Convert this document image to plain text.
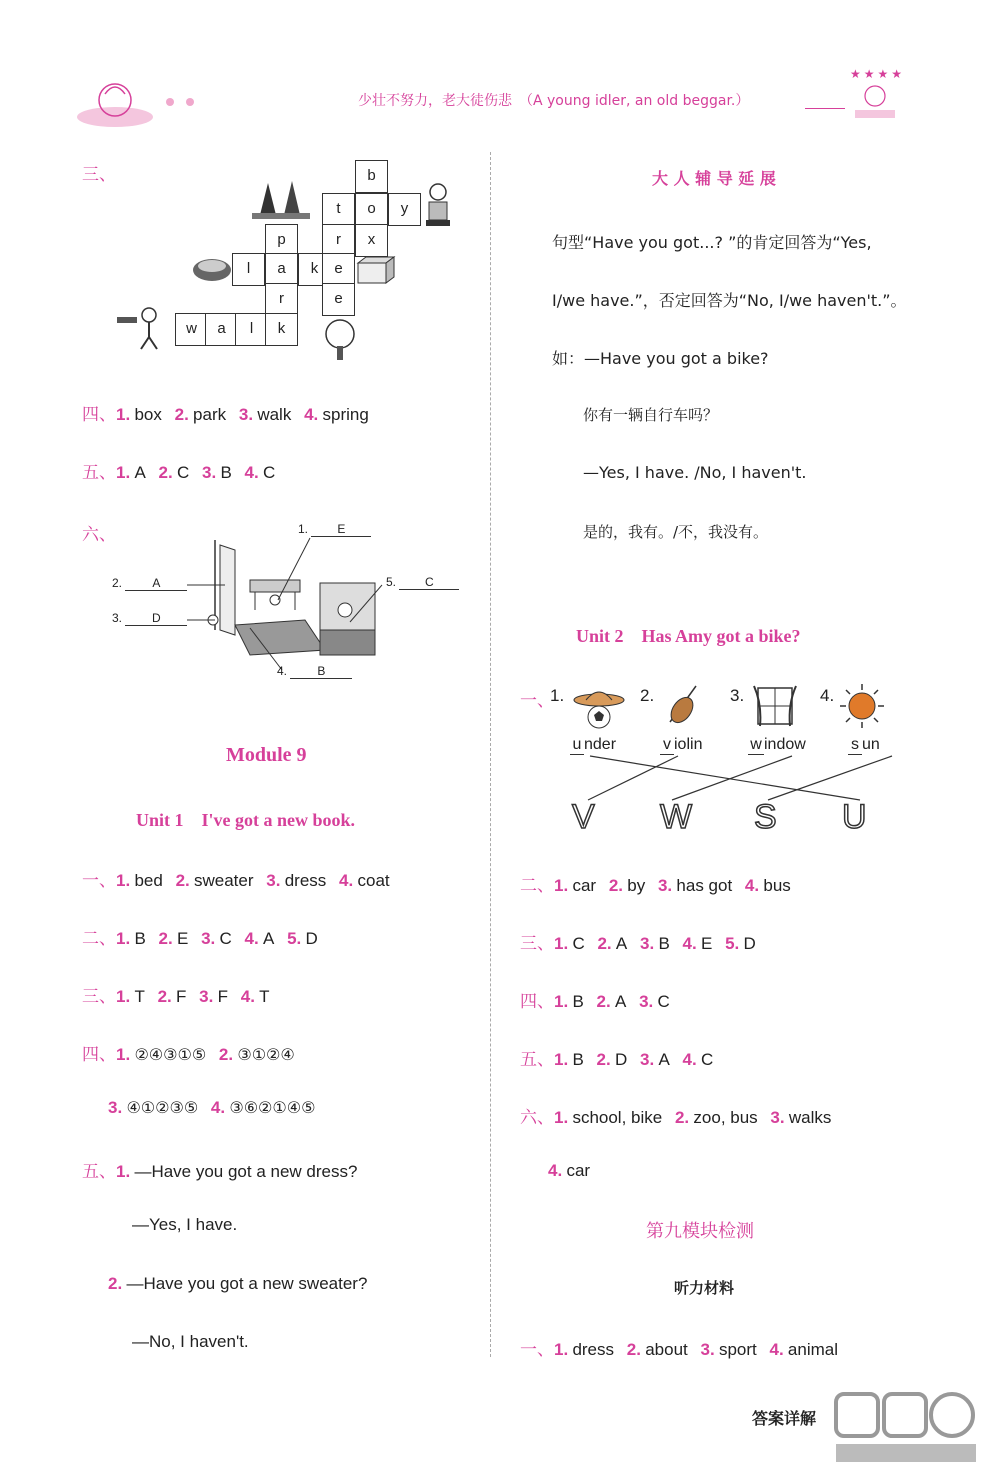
少壮不努力，老大徒伤悲　（A young idler, an old beggar.）
★ ★ ★ ★
三、	b
t	o	y
p	r	x
l	a	k	e
r	e
w	a	l	k
四、1. box 2. park 3. walk 4. spring
五、1. A 2. C 3. B 4. C
六、	1. E
2.	A
3.	D
4.	B
5. C
Module 9
Unit 1　I've got a new book.
一、1. bed 2. sweater 3. dress 4. coat
二、1. B 2. E 3. C 4. A 5. D
三、1. T 2. F 3. F 4. T
四、1. ②④③①⑤ 2. ③①②④
3. ④①②③⑤ 4. ③⑥②①④⑤
五、1. —Have you got a new dress?
—Yes, I have.
2. —Have you got a new sweater?
—No, I haven't.
大 人 辅 导 延 展
句型“Have you got...? ”的肯定回答为“Yes,
I/we have.”，否定回答为“No, I/we haven't.”。
如：—Have you got a bike?
你有一辆自行车吗？
—Yes, I have. /No, I haven't.
是的，我有。/不，我没有。
Unit 2　Has Amy got a bike?
一、
1.	2.	3.	4.
u nder	v iolin	w indow	s un
V W S U
二、1. car 2. by 3. has got 4. bus
三、1. C 2. A 3. B 4. E 5. D
四、1. B 2. A 3. C
五、1. B 2. D 3. A 4. C
六、1. school, bike 2. zoo, bus 3. walks
4. car
第九模块检测
听力材料
一、1. dress 2. about 3. sport 4. animal
答案详解
